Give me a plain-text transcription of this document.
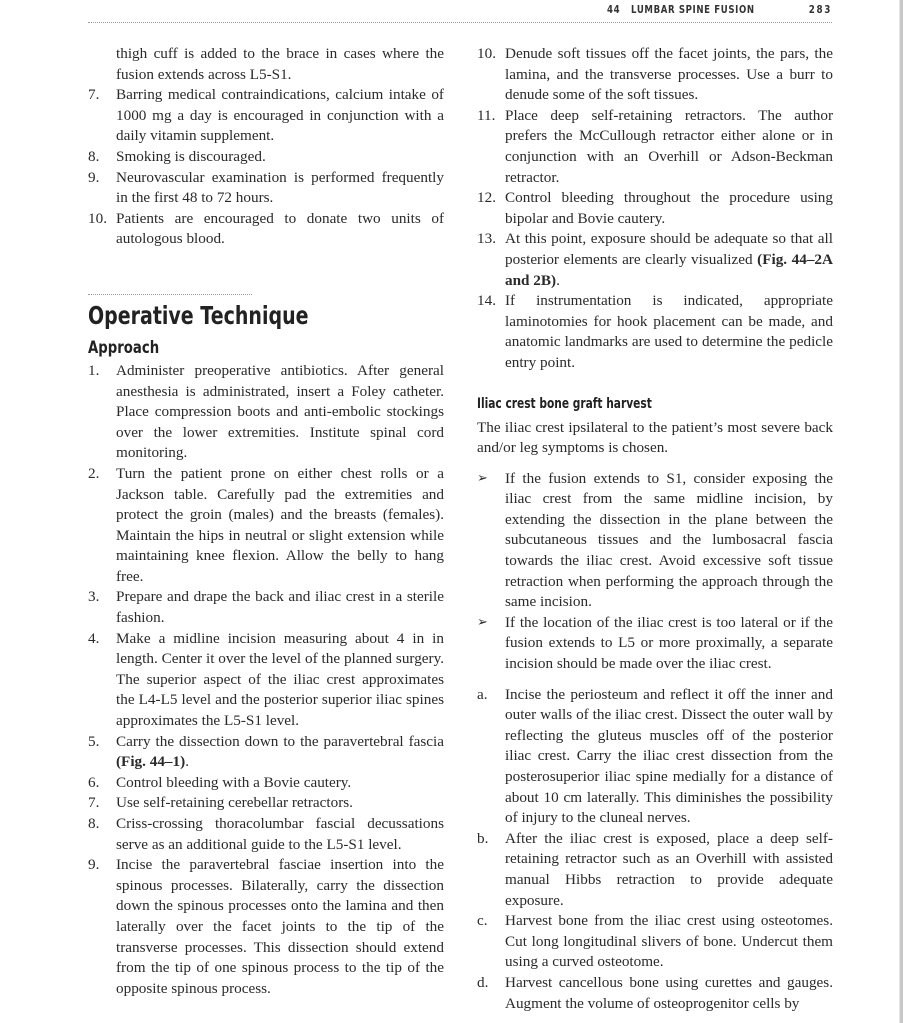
44 LUMBAR SPINE FUSION	283
thigh cuff is added to the brace in cases where the fusion extends across L5-S1.
7.	Barring medical contraindications, calcium intake of 1000 mg a day is encouraged in conjunction with a daily vitamin supplement.
8.	Smoking is discouraged.
9.	Neurovascular examination is performed frequently in the first 48 to 72 hours.
10. Patients are encouraged to donate two units of autologous blood.
Operative Technique
Approach
1.	Administer preoperative antibiotics. After general anesthesia is administrated, insert a Foley catheter. Place compression boots and anti-embolic stockings over the lower extremities. Institute spinal cord monitoring.
2.	Turn the patient prone on either chest rolls or a Jackson table. Carefully pad the extremities and protect the groin (males) and the breasts (females). Maintain the hips in neutral or slight extension while maintaining knee flexion. Allow the belly to hang free.
3.	Prepare and drape the back and iliac crest in a sterile fashion.
4.	Make a midline incision measuring about 4 in in length. Center it over the level of the planned surgery. The superior aspect of the iliac crest approximates the L4-L5 level and the posterior superior iliac spines approximates the L5-S1 level.
5.	Carry the dissection down to the paravertebral fascia (Fig. 44–1).
6.	Control bleeding with a Bovie cautery.
7.	Use self-retaining cerebellar retractors.
8.	Criss-crossing thoracolumbar fascial decussations serve as an additional guide to the L5-S1 level.
9.	Incise the paravertebral fasciae insertion into the spinous processes. Bilaterally, carry the dissection down the spinous processes onto the lamina and then laterally over the facet joints to the tip of the transverse processes. This dissection should extend from the tip of one spinous process to the tip of the opposite spinous process.
10. Denude soft tissues off the facet joints, the pars, the lamina, and the transverse processes. Use a burr to denude some of the soft tissues.
11. Place deep self-retaining retractors. The author prefers the McCullough retractor either alone or in conjunction with an Overhill or Adson-Beckman retractor.
12. Control bleeding throughout the procedure using bipolar and Bovie cautery.
13. At this point, exposure should be adequate so that all posterior elements are clearly visualized (Fig. 44–2A and 2B).
14. If instrumentation is indicated, appropriate laminotomies for hook placement can be made, and anatomic landmarks are used to determine the pedicle entry point.
Iliac crest bone graft harvest
The iliac crest ipsilateral to the patient’s most severe back and/or leg symptoms is chosen.
➢ If the fusion extends to S1, consider exposing the iliac crest from the same midline incision, by extending the dissection in the plane between the subcutaneous tissues and the lumbosacral fascia towards the iliac crest. Avoid excessive soft tissue retraction when performing the approach through the same incision.
➢ If the location of the iliac crest is too lateral or if the fusion extends to L5 or more proximally, a separate incision should be made over the iliac crest.
a.	Incise the periosteum and reflect it off the inner and outer walls of the iliac crest. Dissect the outer wall by reflecting the gluteus muscles off of the posterior iliac crest. Carry the iliac crest dissection from the posterosuperior iliac spine medially for a distance of about 10 cm laterally. This diminishes the possibility of injury to the cluneal nerves.
b.	After the iliac crest is exposed, place a deep self-retaining retractor such as an Overhill with assisted manual Hibbs retraction to provide adequate exposure.
c.	Harvest bone from the iliac crest using osteotomes. Cut long longitudinal slivers of bone. Undercut them using a curved osteotome.
d.	Harvest cancellous bone using curettes and gauges. Augment the volume of osteoprogenitor cells by
